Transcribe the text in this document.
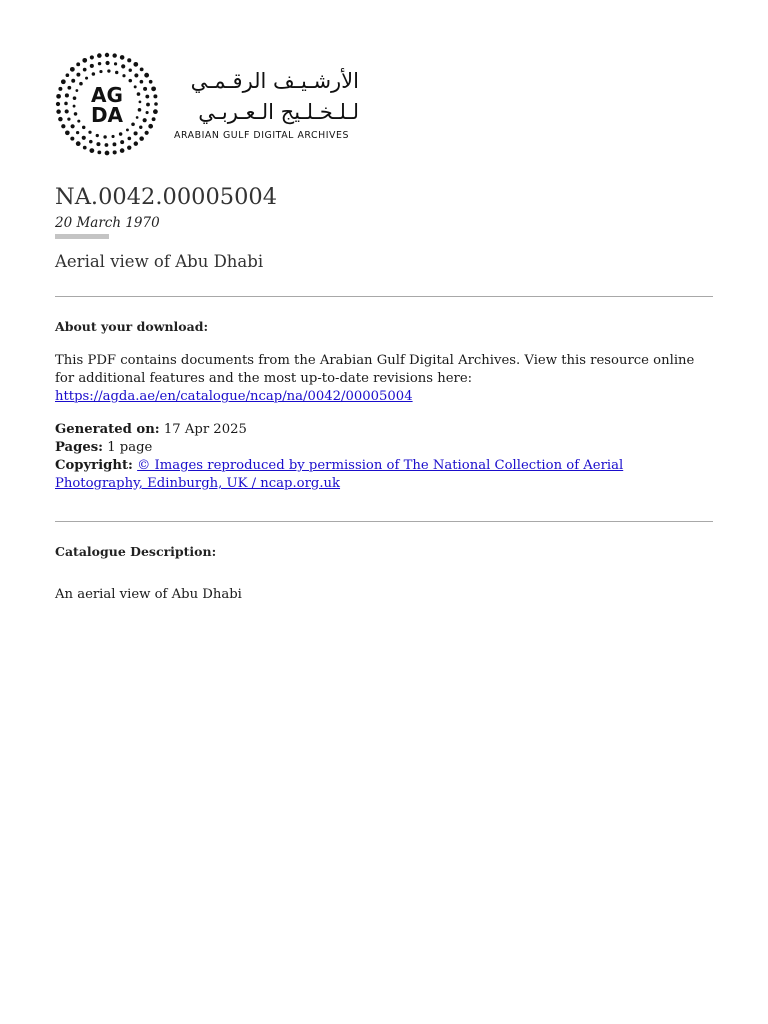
AG
DA
الأرشـيـف الرقـمـي
لـلـخـلـيج الـعـربـي
ARABIAN GULF DIGITAL ARCHIVES
NA.0042.00005004
20 March 1970
Aerial view of Abu Dhabi
About your download:
This PDF contains documents from the Arabian Gulf Digital Archives. View this resource online for additional features and the most up-to-date revisions here:
https://agda.ae/en/catalogue/ncap/na/0042/00005004
Generated on: 17 Apr 2025
Pages: 1 page
Copyright: © Images reproduced by permission of The National Collection of Aerial Photography, Edinburgh, UK / ncap.org.uk
Catalogue Description:
An aerial view of Abu Dhabi
